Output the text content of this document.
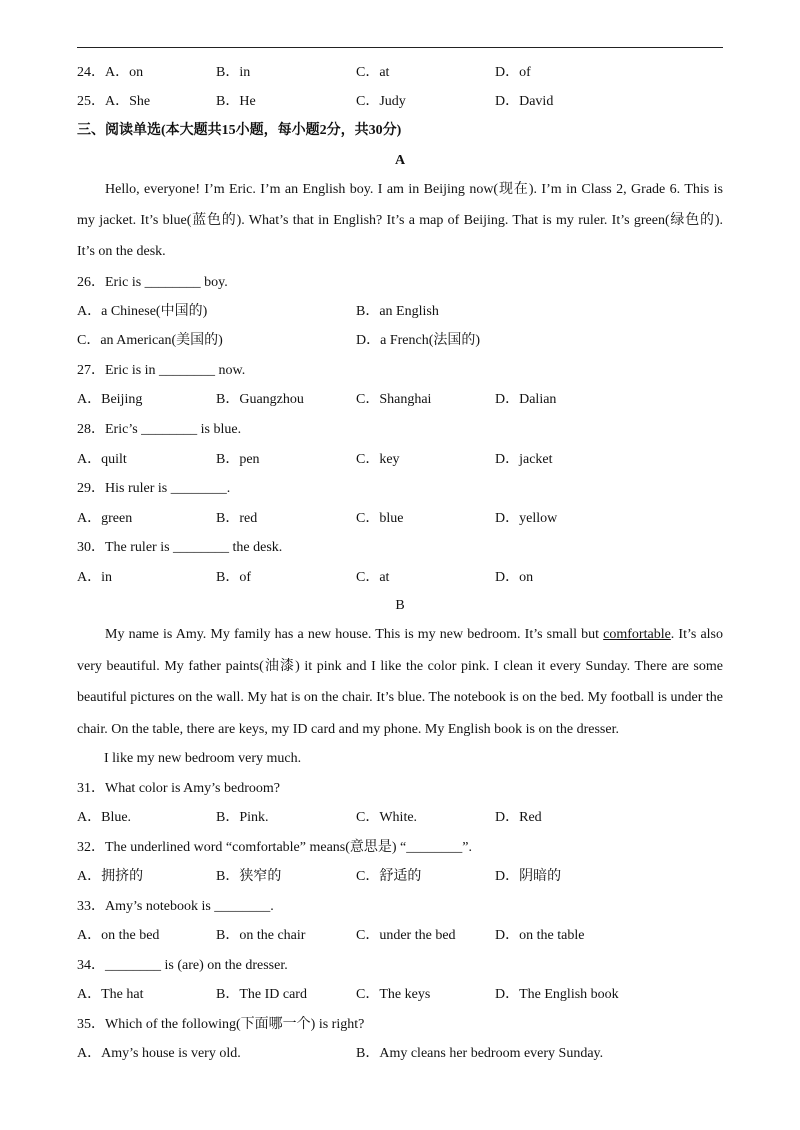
24．A．on	B．in	C．at	D．of
25．A．She	B．He	C．Judy	D．David
三、阅读单选(本大题共15小题，每小题2分，共30分)
A
Hello, everyone! I’m Eric. I’m an English boy. I am in Beijing now(现在). I’m in Class 2, Grade 6. This is my jacket. It’s blue(蓝色的). What’s that in English? It’s a map of Beijing. That is my ruler. It’s green(绿色的). It’s on the desk.
26．Eric is ________ boy.
A．a Chinese(中国的)	B．an English
C．an American(美国的)	D．a French(法国的)
27．Eric is in ________ now.
A．Beijing	B．Guangzhou	C．Shanghai	D．Dalian
28．Eric’s ________ is blue.
A．quilt	B．pen	C．key	D．jacket
29．His ruler is ________.
A．green	B．red	C．blue	D．yellow
30．The ruler is ________ the desk.
A．in	B．of	C．at	D．on
B
My name is Amy. My family has a new house. This is my new bedroom. It’s small but comfortable. It’s also very beautiful. My father paints(油漆) it pink and I like the color pink. I clean it every Sunday. There are some beautiful pictures on the wall. My hat is on the chair. It’s blue. The notebook is on the bed. My football is under the chair. On the table, there are keys, my ID card and my phone. My English book is on the dresser.
I like my new bedroom very much.
31．What color is Amy’s bedroom?
A．Blue.	B．Pink.	C．White.	D．Red
32．The underlined word “comfortable” means(意思是) “________”.
A．拥挤的	B．狭窄的	C．舒适的	D．阴暗的
33．Amy’s notebook is ________.
A．on the bed	B．on the chair	C．under the bed	D．on the table
34．________ is (are) on the dresser.
A．The hat	B．The ID card	C．The keys	D．The English book
35．Which of the following(下面哪一个) is right?
A．Amy’s house is very old.	B．Amy cleans her bedroom every Sunday.
